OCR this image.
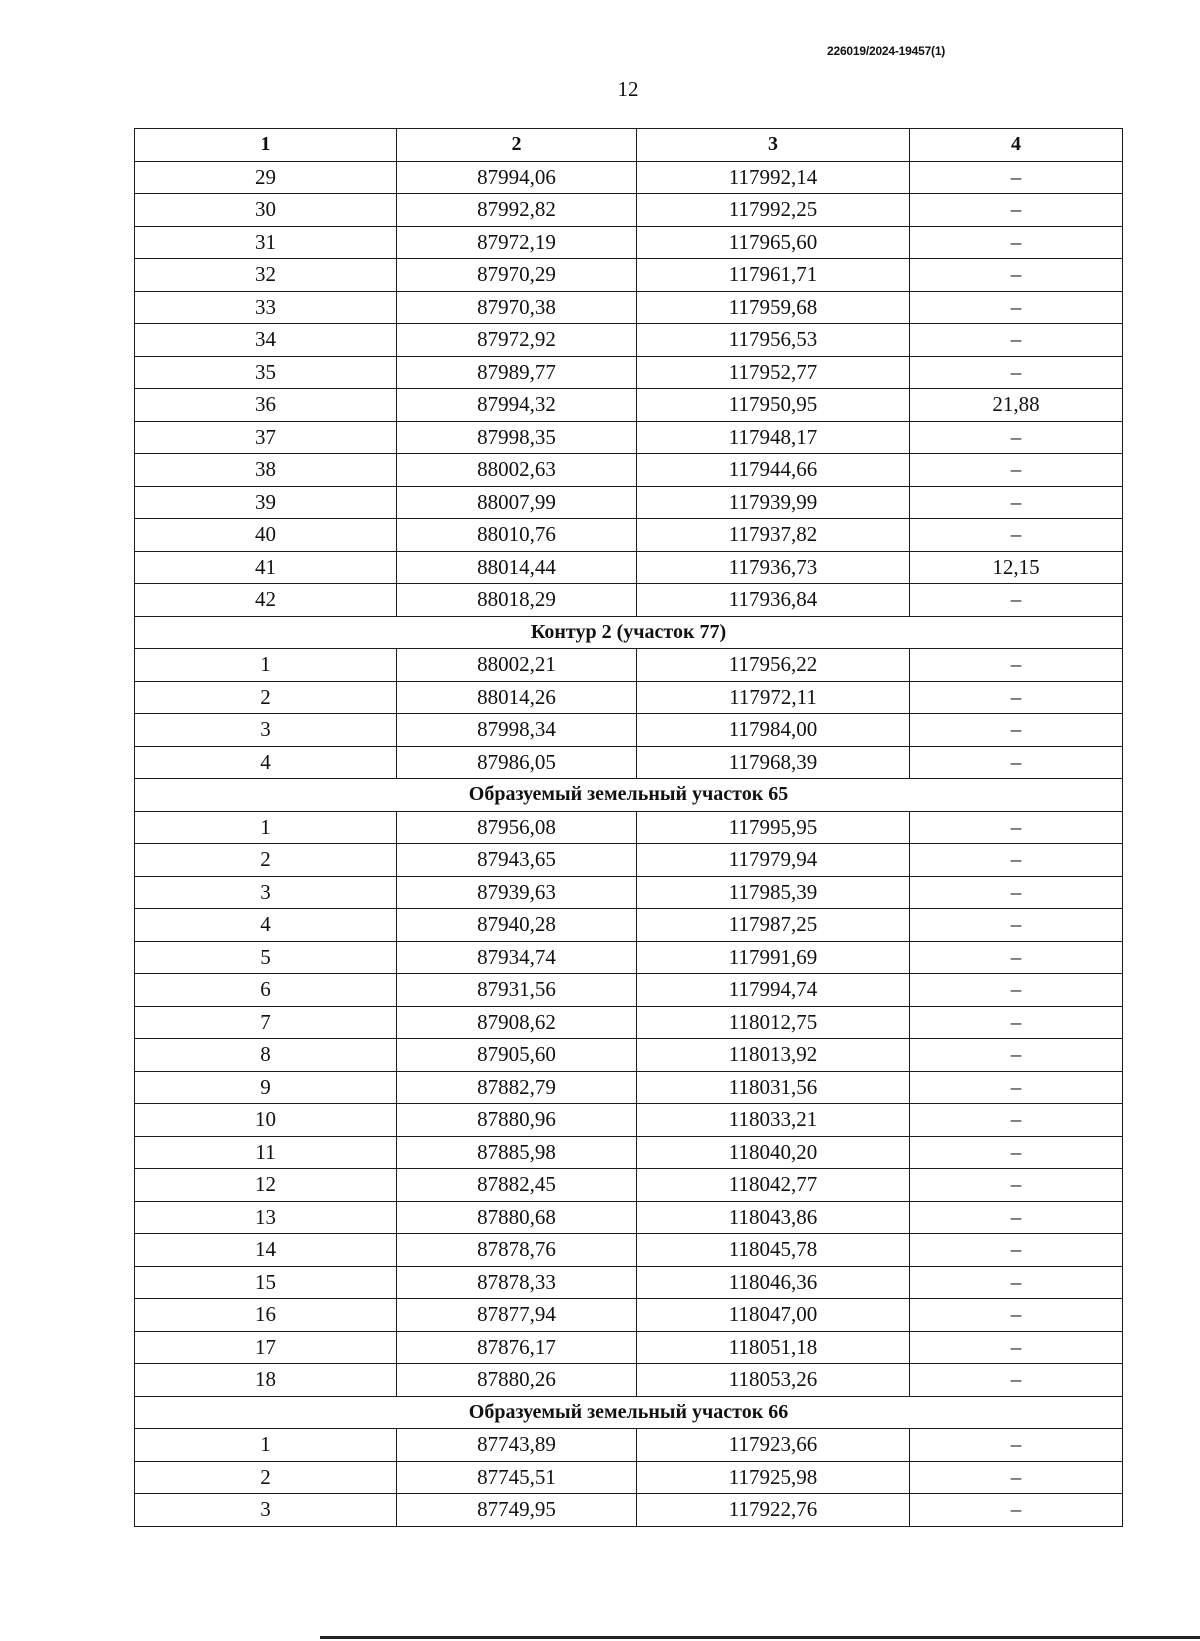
226019/2024-19457(1)
12
1	2	3	4
29	87994,06	117992,14	–
30	87992,82	117992,25	–
31	87972,19	117965,60	–
32	87970,29	117961,71	–
33	87970,38	117959,68	–
34	87972,92	117956,53	–
35	87989,77	117952,77	–
36	87994,32	117950,95	21,88
37	87998,35	117948,17	–
38	88002,63	117944,66	–
39	88007,99	117939,99	–
40	88010,76	117937,82	–
41	88014,44	117936,73	12,15
42	88018,29	117936,84	–
Контур 2 (участок 77)			
1	88002,21	117956,22	–
2	88014,26	117972,11	–
3	87998,34	117984,00	–
4	87986,05	117968,39	–
Образуемый земельный участок 65			
1	87956,08	117995,95	–
2	87943,65	117979,94	–
3	87939,63	117985,39	–
4	87940,28	117987,25	–
5	87934,74	117991,69	–
6	87931,56	117994,74	–
7	87908,62	118012,75	–
8	87905,60	118013,92	–
9	87882,79	118031,56	–
10	87880,96	118033,21	–
11	87885,98	118040,20	–
12	87882,45	118042,77	–
13	87880,68	118043,86	–
14	87878,76	118045,78	–
15	87878,33	118046,36	–
16	87877,94	118047,00	–
17	87876,17	118051,18	–
18	87880,26	118053,26	–
Образуемый земельный участок 66			
1	87743,89	117923,66	–
2	87745,51	117925,98	–
3	87749,95	117922,76	–
